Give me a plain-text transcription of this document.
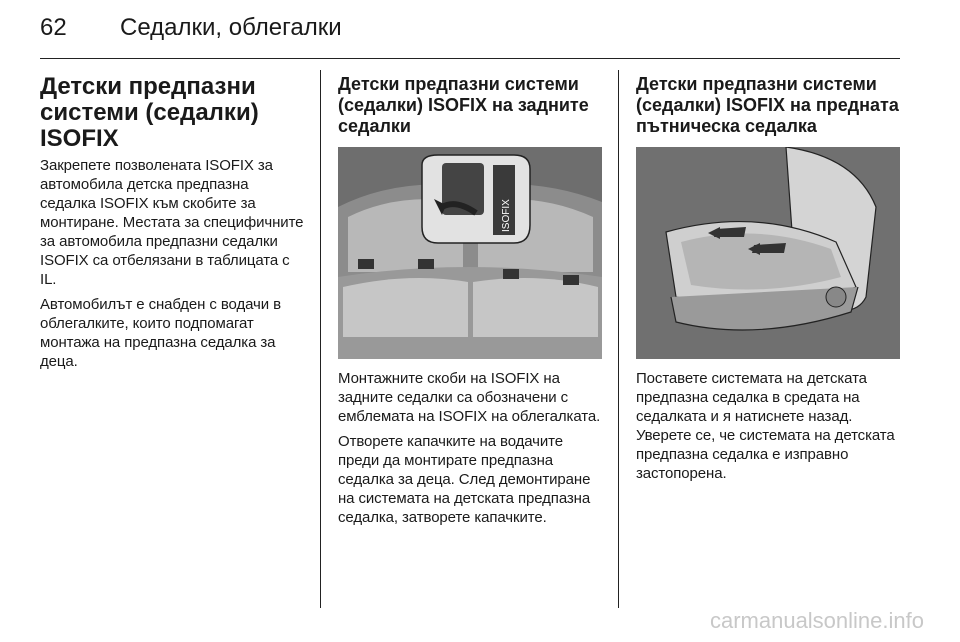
62	Седалки, облегалки
Детски предпазни системи (седалки) ISOFIX

Закрепете позволената ISOFIX за автомобила детска предпазна седалка ISOFIX към скобите за монтиране. Местата за специфичните за автомобила предпазни седалки ISOFIX са отбелязани в таблицата с IL.

Автомобилът е снабден с водачи в облегалките, които подпомагат монтажа на предпазна седалка за деца.

Детски предпазни системи (седалки) ISOFIX на задните седалки
ISOFIX

Монтажните скоби на ISOFIX на задните седалки са обозначени с емблемата на ISOFIX на облегалката.

Отворете капачките на водачите преди да монтирате предпазна седалка за деца. След демонтиране на системата на детската предпазна седалка, затворете капачките.

Детски предпазни системи (седалки) ISOFIX на предната пътническа седалка

Поставете системата на детската предпазна седалка в средата на седалката и я натиснете назад. Уверете се, че системата на детската предпазна седалка е изправно застопорена.

carmanualsonline.info
